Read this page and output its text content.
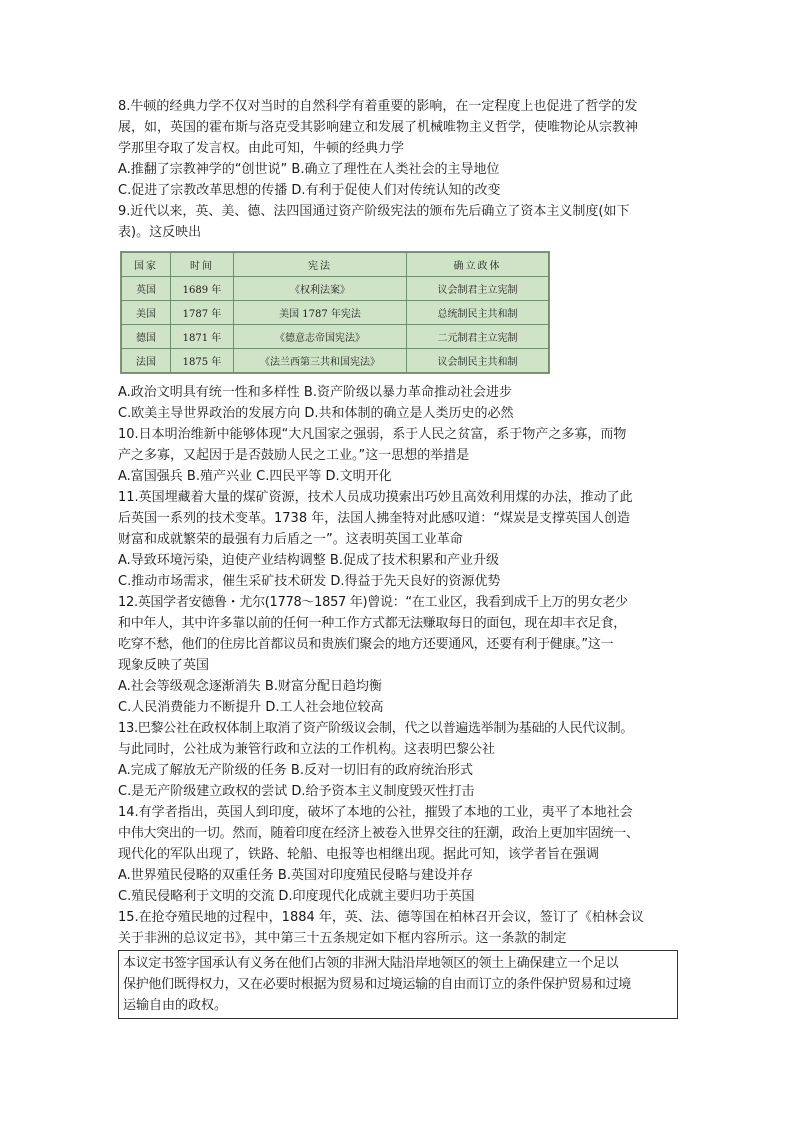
8.牛顿的经典力学不仅对当时的自然科学有着重要的影响，在一定程度上也促进了哲学的发
展，如，英国的霍布斯与洛克受其影响建立和发展了机械唯物主义哲学，使唯物论从宗教神
学那里夺取了发言权。由此可知，牛顿的经典力学
A.推翻了宗教神学的“创世说” B.确立了理性在人类社会的主导地位
C.促进了宗教改革思想的传播 D.有利于促使人们对传统认知的改变
9.近代以来，英、美、德、法四国通过资产阶级宪法的颁布先后确立了资本主义制度(如下
表)。这反映出
国家	时间	宪法	确立政体
英国	1689 年	《权利法案》	议会制君主立宪制
美国	1787 年	美国 1787 年宪法	总统制民主共和制
德国	1871 年	《德意志帝国宪法》	二元制君主立宪制
法国	1875 年	《法兰西第三共和国宪法》	议会制民主共和制
A.政治文明具有统一性和多样性 B.资产阶级以暴力革命推动社会进步
C.欧美主导世界政治的发展方向 D.共和体制的确立是人类历史的必然
10.日本明治维新中能够体现“大凡国家之强弱，系于人民之贫富，系于物产之多寡，而物
产之多寡，又起因于是否鼓励人民之工业。”这一思想的举措是
A.富国强兵 B.殖产兴业 C.四民平等 D.文明开化
11.英国埋藏着大量的煤矿资源，技术人员成功摸索出巧妙且高效利用煤的办法，推动了此
后英国一系列的技术变革。1738 年，法国人拂奎特对此感叹道：“煤炭是支撑英国人创造
财富和成就繁荣的最强有力后盾之一”。这表明英国工业革命
A.导致环境污染，迫使产业结构调整 B.促成了技术积累和产业升级
C.推动市场需求，催生采矿技术研发 D.得益于先天良好的资源优势
12.英国学者安德鲁・尤尔(1778～1857 年)曾说：“在工业区，我看到成千上万的男女老少
和中年人，其中许多靠以前的任何一种工作方式都无法赚取每日的面包，现在却丰衣足食，
吃穿不愁，他们的住房比首都议员和贵族们聚会的地方还要通风，还要有利于健康。”这一
现象反映了英国
A.社会等级观念逐渐消失 B.财富分配日趋均衡
C.人民消费能力不断提升 D.工人社会地位较高
13.巴黎公社在政权体制上取消了资产阶级议会制，代之以普遍选举制为基础的人民代议制。
与此同时，公社成为兼管行政和立法的工作机构。这表明巴黎公社
A.完成了解放无产阶级的任务 B.反对一切旧有的政府统治形式
C.是无产阶级建立政权的尝试 D.给予资本主义制度毁灭性打击
14.有学者指出，英国人到印度，破坏了本地的公社，摧毁了本地的工业，夷平了本地社会
中伟大突出的一切。然而，随着印度在经济上被卷入世界交往的狂潮，政治上更加牢固统一、
现代化的军队出现了，铁路、轮船、电报等也相继出现。据此可知，该学者旨在强调
A.世界殖民侵略的双重任务 B.英国对印度殖民侵略与建设并存
C.殖民侵略利于文明的交流 D.印度现代化成就主要归功于英国
15.在抢夺殖民地的过程中，1884 年，英、法、德等国在柏林召开会议，签订了《柏林会议
关于非洲的总议定书》，其中第三十五条规定如下框内容所示。这一条款的制定
本议定书签字国承认有义务在他们占领的非洲大陆沿岸地领区的领土上确保建立一个足以
保护他们既得权力，又在必要时根据为贸易和过境运输的自由而订立的条件保护贸易和过境
运输自由的政权。
